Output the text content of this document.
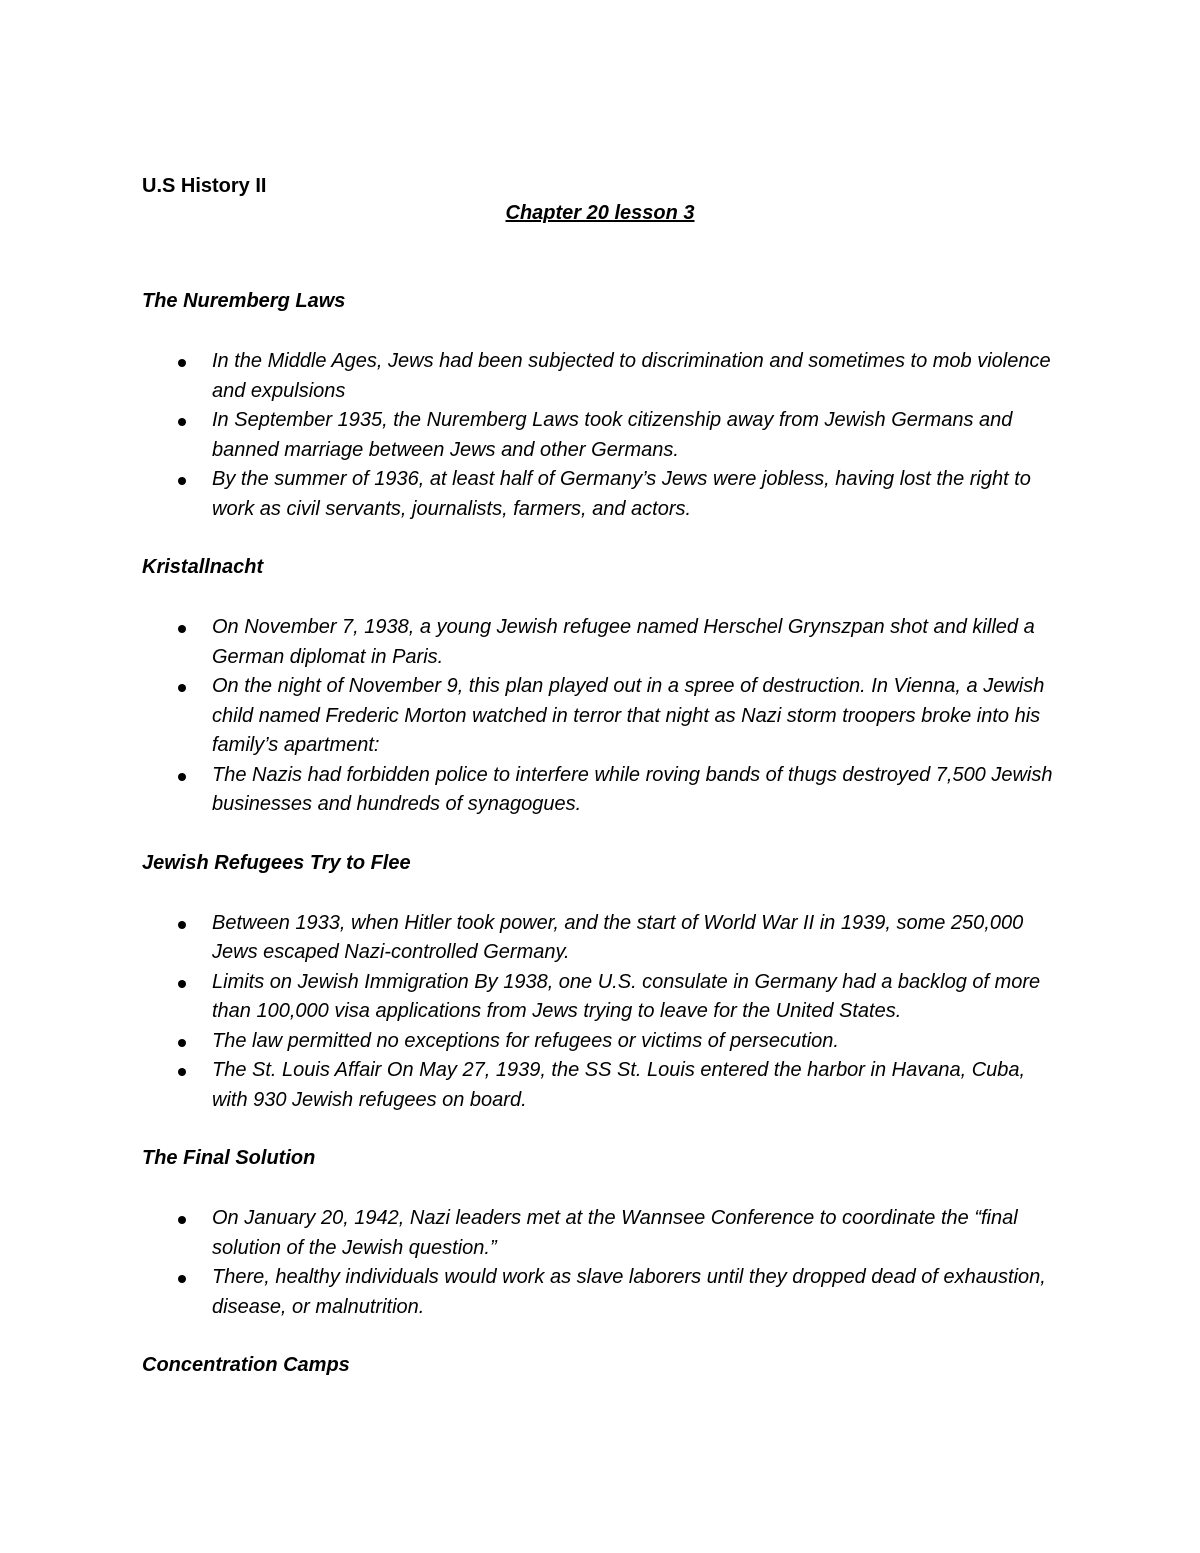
U.S History II

Chapter 20 lesson 3

The Nuremberg Laws

In the Middle Ages, Jews had been subjected to discrimination and sometimes to mob violence and expulsions
In September 1935, the Nuremberg Laws took citizenship away from Jewish Germans and banned marriage between Jews and other Germans.
By the summer of 1936, at least half of Germany’s Jews were jobless, having lost the right to work as civil servants, journalists, farmers, and actors.

Kristallnacht

On November 7, 1938, a young Jewish refugee named Herschel Grynszpan shot and killed a German diplomat in Paris.
On the night of November 9, this plan played out in a spree of destruction. In Vienna, a Jewish child named Frederic Morton watched in terror that night as Nazi storm troopers broke into his family’s apartment:
The Nazis had forbidden police to interfere while roving bands of thugs destroyed 7,500 Jewish businesses and hundreds of synagogues.

Jewish Refugees Try to Flee

Between 1933, when Hitler took power, and the start of World War II in 1939, some 250,000 Jews escaped Nazi-controlled Germany.
Limits on Jewish Immigration By 1938, one U.S. consulate in Germany had a backlog of more than 100,000 visa applications from Jews trying to leave for the United States.
The law permitted no exceptions for refugees or victims of persecution.
The St. Louis Affair On May 27, 1939, the SS St. Louis entered the harbor in Havana, Cuba, with 930 Jewish refugees on board.

The Final Solution

On January 20, 1942, Nazi leaders met at the Wannsee Conference to coordinate the “final solution of the Jewish question.”
There, healthy individuals would work as slave laborers until they dropped dead of exhaustion, disease, or malnutrition.

Concentration Camps
